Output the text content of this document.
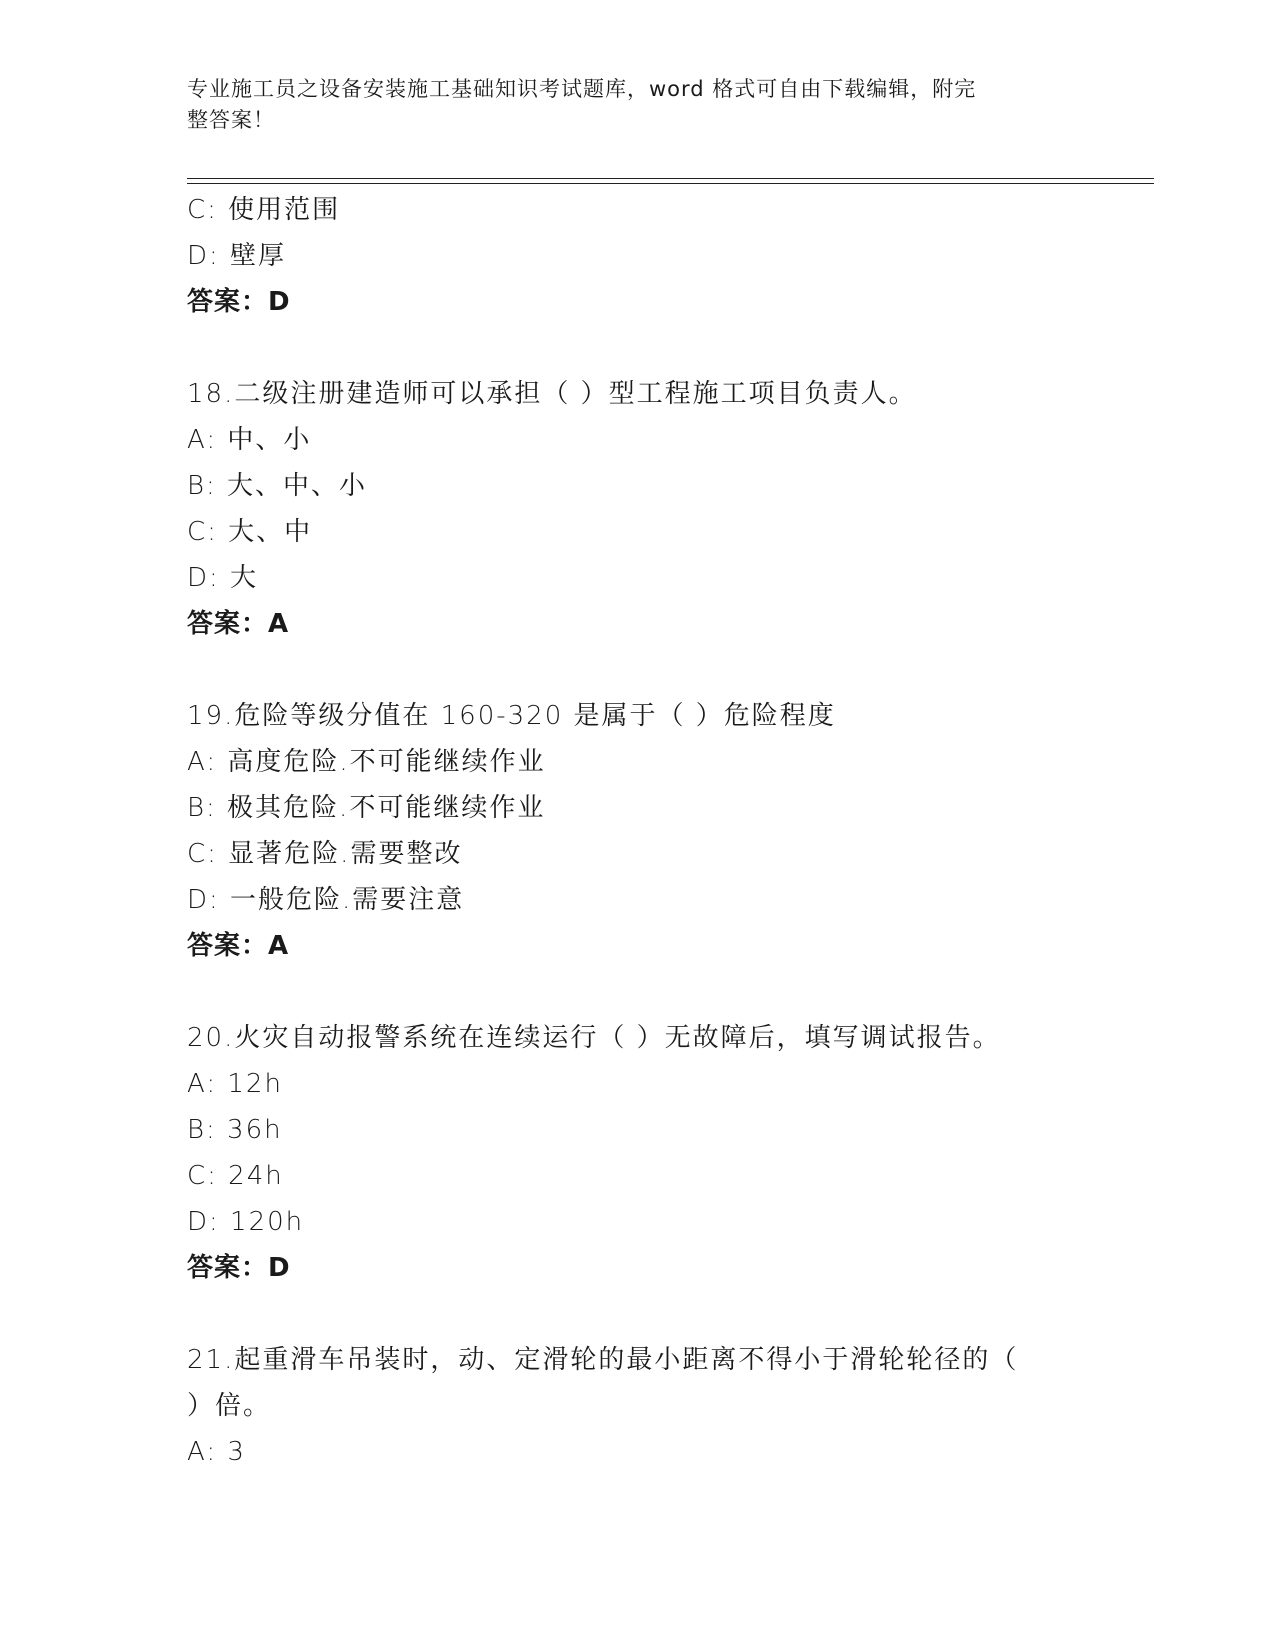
专业施工员之设备安装施工基础知识考试题库，word 格式可自由下载编辑，附完
整答案！
C: 使用范围
D: 壁厚
答案：D
18.二级注册建造师可以承担（ ）型工程施工项目负责人。
A: 中、小
B: 大、中、小
C: 大、中
D: 大
答案：A
19.危险等级分值在 160-320 是属于（ ）危险程度
A: 高度危险.不可能继续作业
B: 极其危险.不可能继续作业
C: 显著危险.需要整改
D: 一般危险.需要注意
答案：A
20.火灾自动报警系统在连续运行（ ）无故障后，填写调试报告。
A: 12h
B: 36h
C: 24h
D: 120h
答案：D
21.起重滑车吊装时，动、定滑轮的最小距离不得小于滑轮轮径的（
）倍。
A: 3
